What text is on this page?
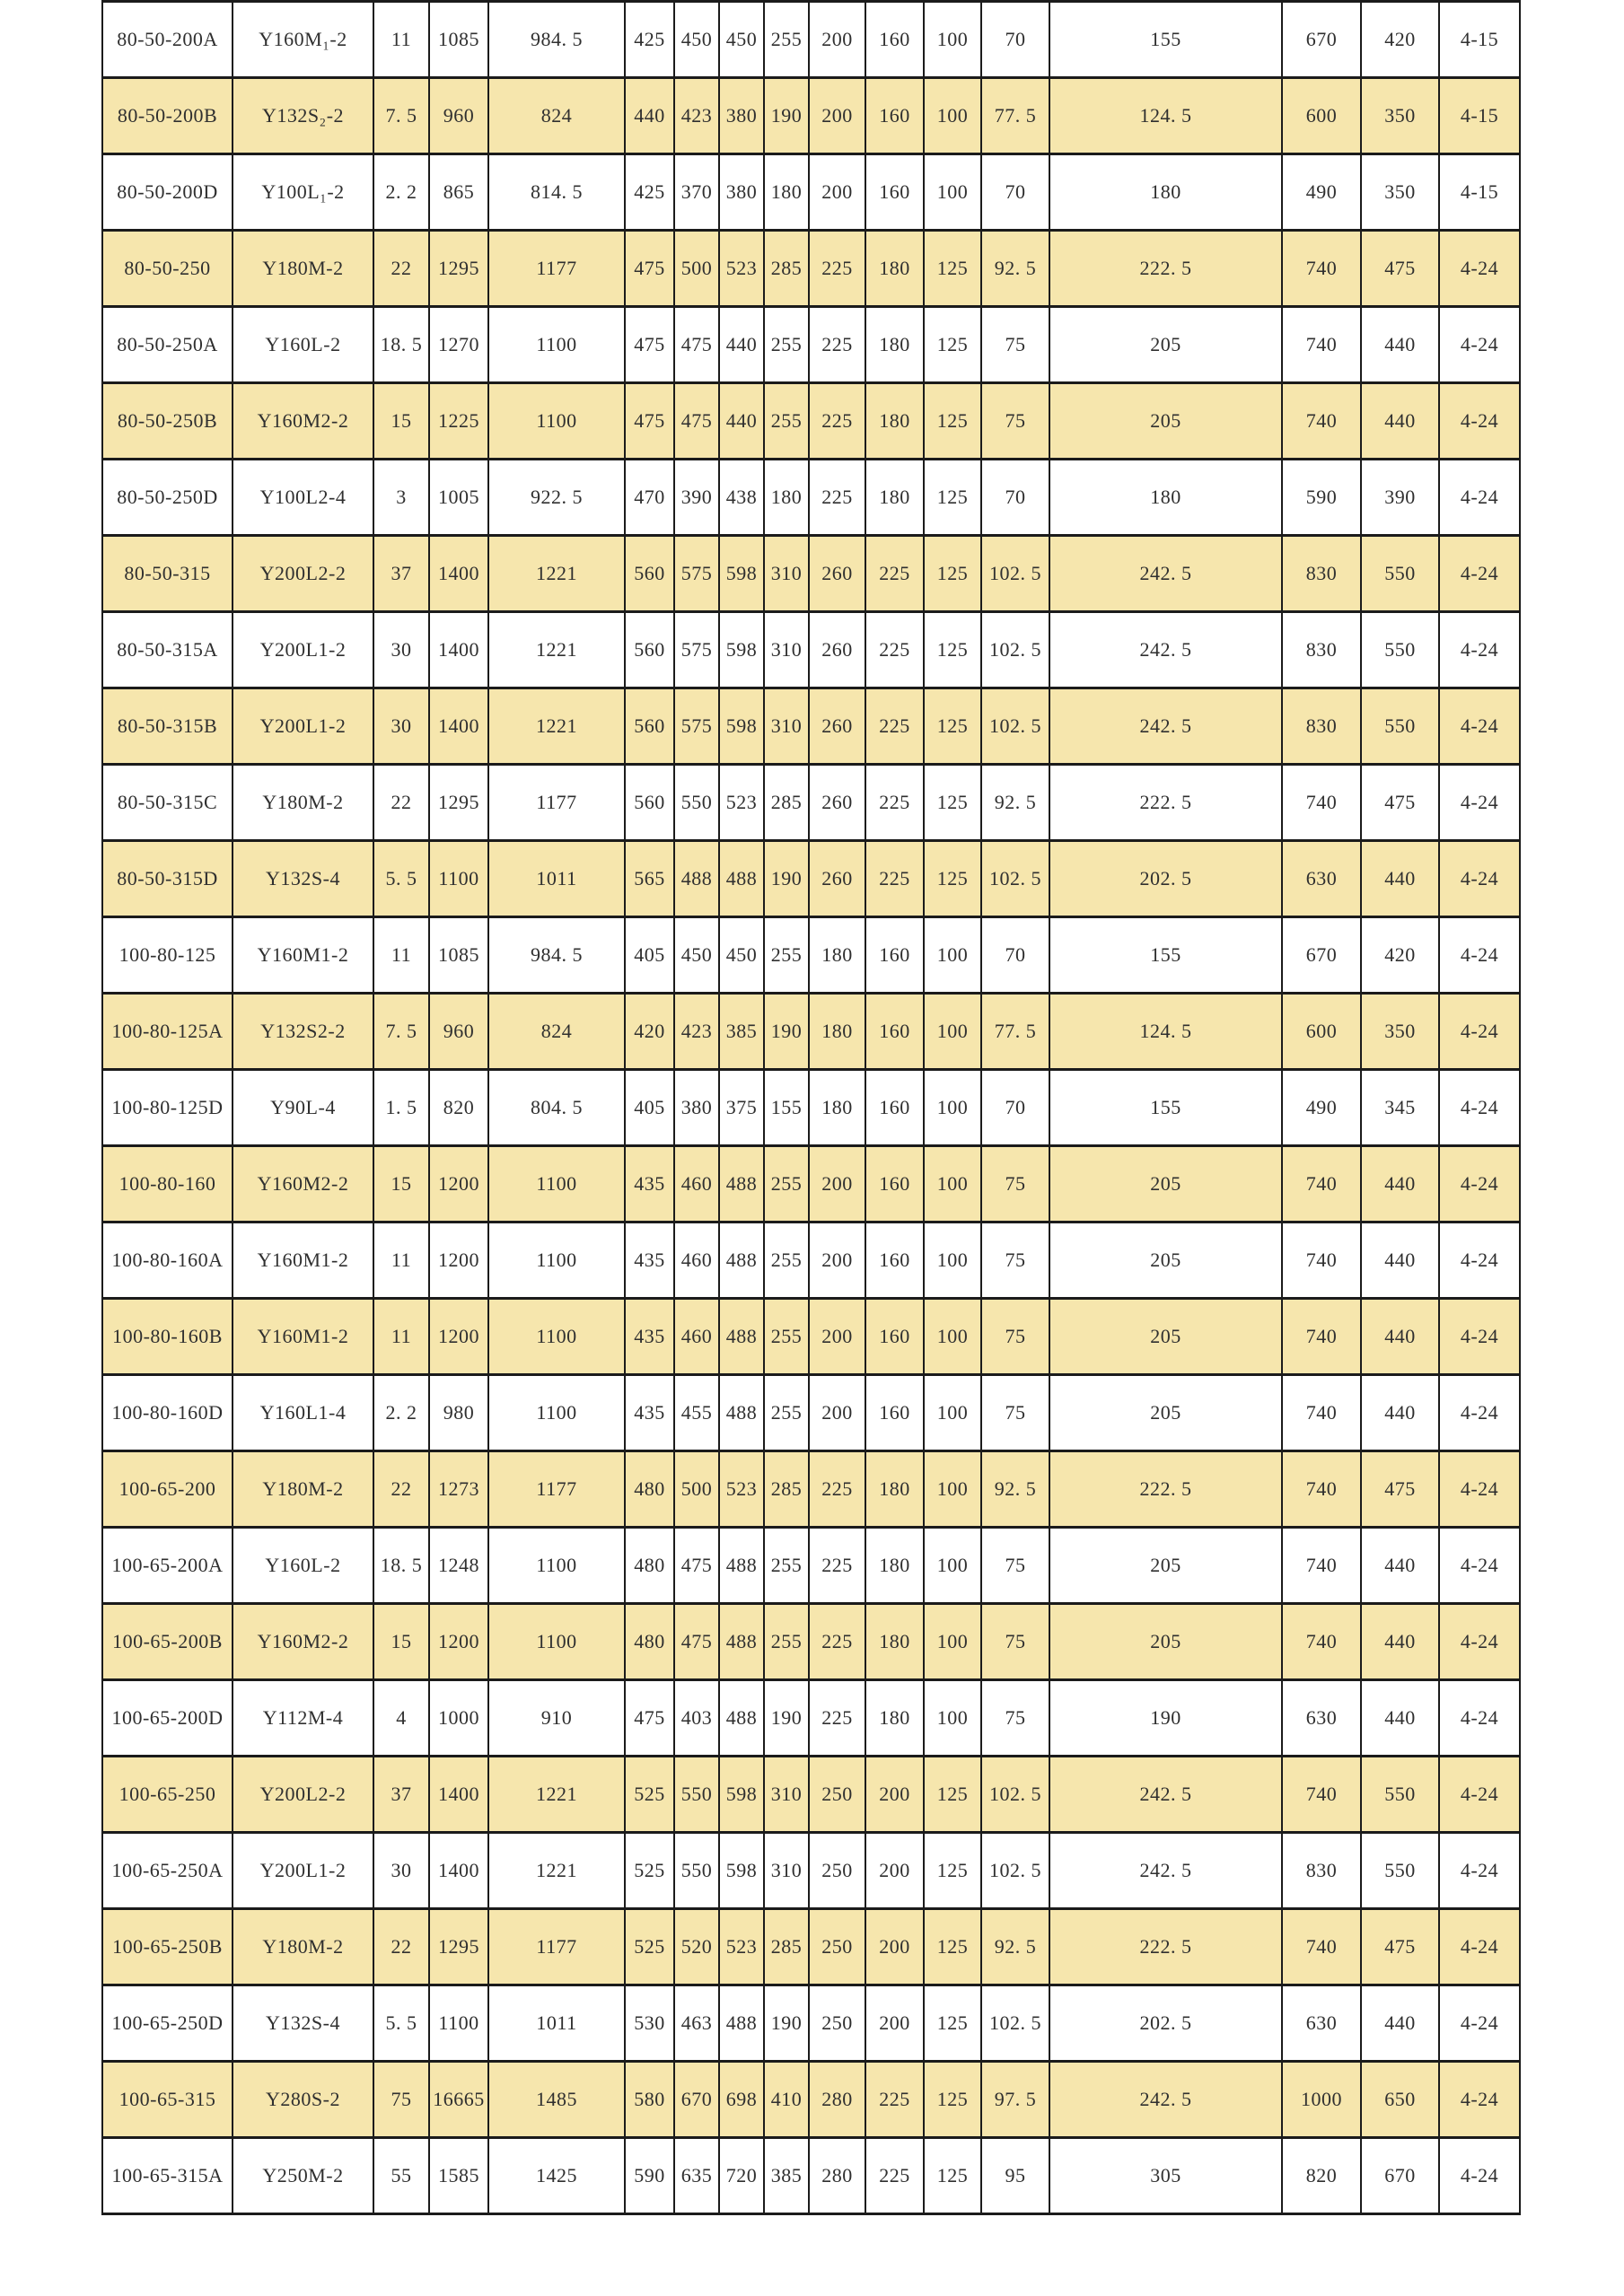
80-50-200A	Y160M₁-2	11	1085	984. 5	425	450	450	255	200	160	100	70	155	670	420	4-15
80-50-200B	Y132S₂-2	7. 5	960	824	440	423	380	190	200	160	100	77. 5	124. 5	600	350	4-15
80-50-200D	Y100L₁-2	2. 2	865	814. 5	425	370	380	180	200	160	100	70	180	490	350	4-15
80-50-250	Y180M-2	22	1295	1177	475	500	523	285	225	180	125	92. 5	222. 5	740	475	4-24
80-50-250A	Y160L-2	18. 5	1270	1100	475	475	440	255	225	180	125	75	205	740	440	4-24
80-50-250B	Y160M2-2	15	1225	1100	475	475	440	255	225	180	125	75	205	740	440	4-24
80-50-250D	Y100L2-4	3	1005	922. 5	470	390	438	180	225	180	125	70	180	590	390	4-24
80-50-315	Y200L2-2	37	1400	1221	560	575	598	310	260	225	125	102. 5	242. 5	830	550	4-24
80-50-315A	Y200L1-2	30	1400	1221	560	575	598	310	260	225	125	102. 5	242. 5	830	550	4-24
80-50-315B	Y200L1-2	30	1400	1221	560	575	598	310	260	225	125	102. 5	242. 5	830	550	4-24
80-50-315C	Y180M-2	22	1295	1177	560	550	523	285	260	225	125	92. 5	222. 5	740	475	4-24
80-50-315D	Y132S-4	5. 5	1100	1011	565	488	488	190	260	225	125	102. 5	202. 5	630	440	4-24
100-80-125	Y160M1-2	11	1085	984. 5	405	450	450	255	180	160	100	70	155	670	420	4-24
100-80-125A	Y132S2-2	7. 5	960	824	420	423	385	190	180	160	100	77. 5	124. 5	600	350	4-24
100-80-125D	Y90L-4	1. 5	820	804. 5	405	380	375	155	180	160	100	70	155	490	345	4-24
100-80-160	Y160M2-2	15	1200	1100	435	460	488	255	200	160	100	75	205	740	440	4-24
100-80-160A	Y160M1-2	11	1200	1100	435	460	488	255	200	160	100	75	205	740	440	4-24
100-80-160B	Y160M1-2	11	1200	1100	435	460	488	255	200	160	100	75	205	740	440	4-24
100-80-160D	Y160L1-4	2. 2	980	1100	435	455	488	255	200	160	100	75	205	740	440	4-24
100-65-200	Y180M-2	22	1273	1177	480	500	523	285	225	180	100	92. 5	222. 5	740	475	4-24
100-65-200A	Y160L-2	18. 5	1248	1100	480	475	488	255	225	180	100	75	205	740	440	4-24
100-65-200B	Y160M2-2	15	1200	1100	480	475	488	255	225	180	100	75	205	740	440	4-24
100-65-200D	Y112M-4	4	1000	910	475	403	488	190	225	180	100	75	190	630	440	4-24
100-65-250	Y200L2-2	37	1400	1221	525	550	598	310	250	200	125	102. 5	242. 5	740	550	4-24
100-65-250A	Y200L1-2	30	1400	1221	525	550	598	310	250	200	125	102. 5	242. 5	830	550	4-24
100-65-250B	Y180M-2	22	1295	1177	525	520	523	285	250	200	125	92. 5	222. 5	740	475	4-24
100-65-250D	Y132S-4	5. 5	1100	1011	530	463	488	190	250	200	125	102. 5	202. 5	630	440	4-24
100-65-315	Y280S-2	75	16665	1485	580	670	698	410	280	225	125	97. 5	242. 5	1000	650	4-24
100-65-315A	Y250M-2	55	1585	1425	590	635	720	385	280	225	125	95	305	820	670	4-24
